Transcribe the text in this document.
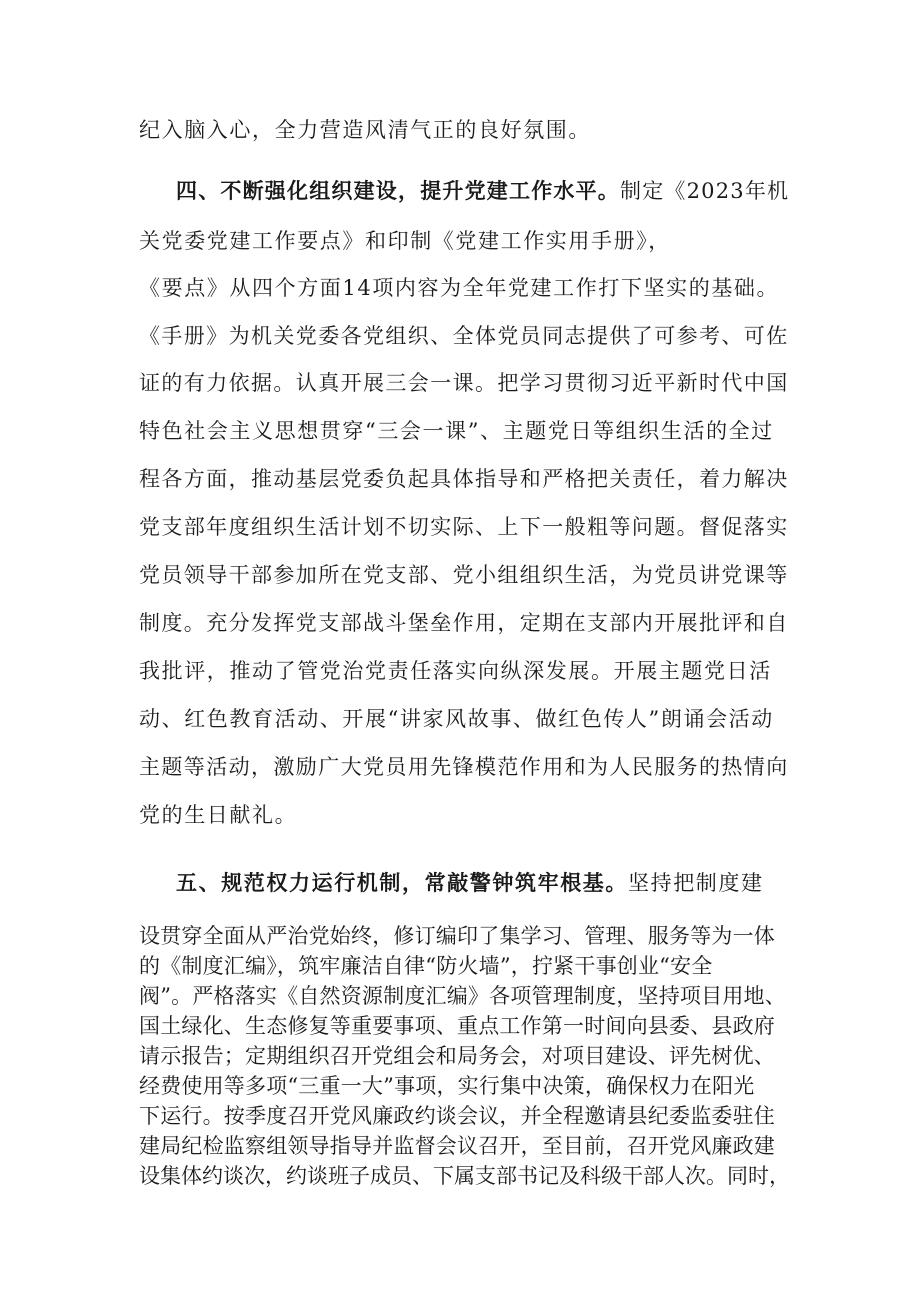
纪入脑入心，全力营造风清气正的良好氛围。
四、不断强化组织建设，提升党建工作水平。制定《2023年机
关党委党建工作要点》和印制《党建工作实用手册》，
《要点》从四个方面14项内容为全年党建工作打下坚实的基础。
《手册》为机关党委各党组织、全体党员同志提供了可参考、可佐
证的有力依据。认真开展三会一课。把学习贯彻习近平新时代中国
特色社会主义思想贯穿“三会一课”、主题党日等组织生活的全过
程各方面，推动基层党委负起具体指导和严格把关责任，着力解决
党支部年度组织生活计划不切实际、上下一般粗等问题。督促落实
党员领导干部参加所在党支部、党小组组织生活，为党员讲党课等
制度。充分发挥党支部战斗堡垒作用，定期在支部内开展批评和自
我批评，推动了管党治党责任落实向纵深发展。开展主题党日活
动、红色教育活动、开展“讲家风故事、做红色传人”朗诵会活动
主题等活动，激励广大党员用先锋模范作用和为人民服务的热情向
党的生日献礼。
五、规范权力运行机制，常敲警钟筑牢根基。坚持把制度建
设贯穿全面从严治党始终，修订编印了集学习、管理、服务等为一体
的《制度汇编》，筑牢廉洁自律“防火墙”，拧紧干事创业“安全
阀”。严格落实《自然资源制度汇编》各项管理制度，坚持项目用地、
国土绿化、生态修复等重要事项、重点工作第一时间向县委、县政府
请示报告；定期组织召开党组会和局务会，对项目建设、评先树优、
经费使用等多项“三重一大”事项，实行集中决策，确保权力在阳光
下运行。按季度召开党风廉政约谈会议，并全程邀请县纪委监委驻住
建局纪检监察组领导指导并监督会议召开，至目前，召开党风廉政建
设集体约谈次，约谈班子成员、下属支部书记及科级干部人次。同时，
